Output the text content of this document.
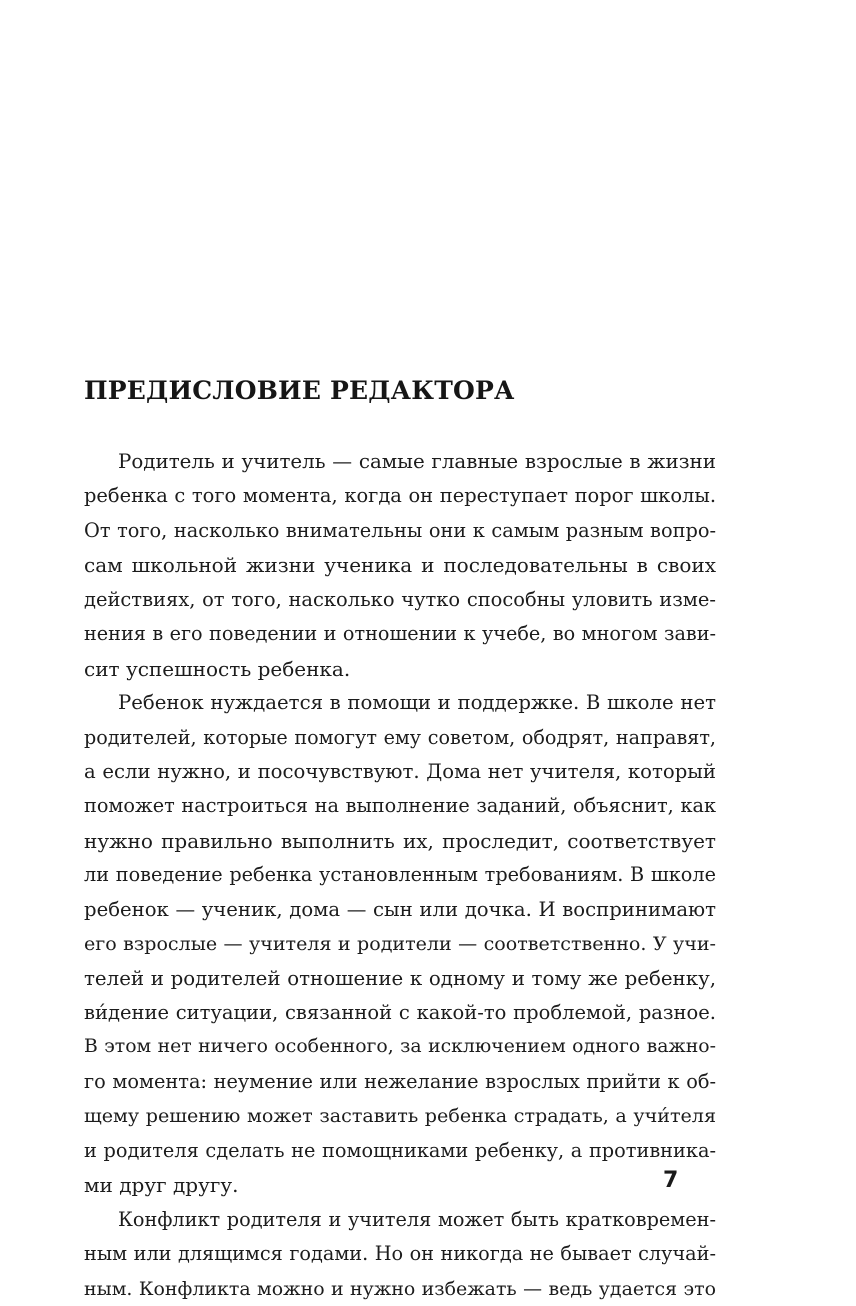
ПРЕДИСЛОВИЕ РЕДАКТОРА
Родитель и учитель — самые главные взрослые в жизни
ребенка с того момента, когда он переступает порог школы.
От того, насколько внимательны они к самым разным вопро-
сам школьной жизни ученика и последовательны в своих
действиях, от того, насколько чутко способны уловить изме-
нения в его поведении и отношении к учебе, во многом зави-
сит успешность ребенка.
Ребенок нуждается в помощи и поддержке. В школе нет
родителей, которые помогут ему советом, ободрят, направят,
а если нужно, и посочувствуют. Дома нет учителя, который
поможет настроиться на выполнение заданий, объяснит, как
нужно правильно выполнить их, проследит, соответствует
ли поведение ребенка установленным требованиям. В школе
ребенок — ученик, дома — сын или дочка. И воспринимают
его взрослые — учителя и родители — соответственно. У учи-
телей и родителей отношение к одному и тому же ребенку,
ви́дение ситуации, связанной с какой-то проблемой, разное.
В этом нет ничего особенного, за исключением одного важно-
го момента: неумение или нежелание взрослых прийти к об-
щему решению может заставить ребенка страдать, а учи́теля
и родителя сделать не помощниками ребенку, а противника-
ми друг другу.
Конфликт родителя и учителя может быть кратковремен-
ным или длящимся годами. Но он никогда не бывает случай-
ным. Конфликта можно и нужно избежать — ведь удается это
7
